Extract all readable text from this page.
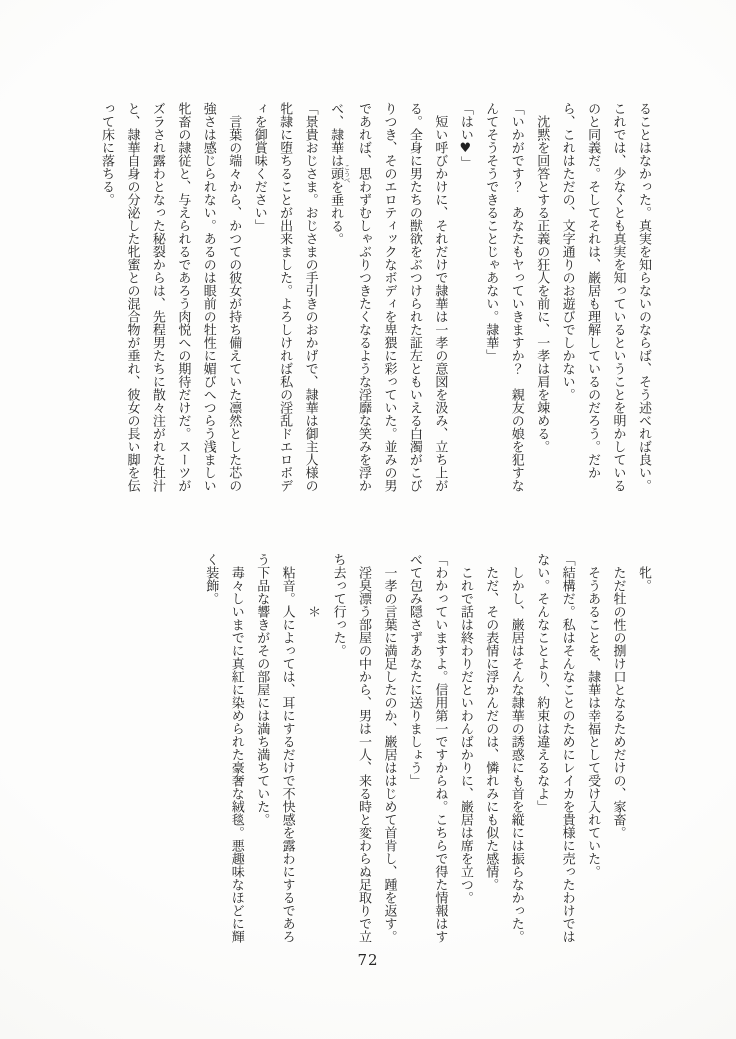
ることはなかった。真実を知らないのならば、そう述べれば良い。

これでは、少なくとも真実を知っているということを明かしている

のと同義だ。そしてそれは、巌居も理解しているのだろう。だか

ら、これはただの、文字通りのお遊びでしかない。

　沈黙を回答とする正義の狂人を前に、一孝は肩を竦める。

「いかがです？　あなたもヤっていきますか？　親友の娘を犯すな

んてそうそうできることじゃあない。隷華」

「はい♥」

　短い呼びかけに、それだけで隷華は一孝の意図を汲み、立ち上が

る。全身に男たちの獣欲をぶつけられた証左ともいえる白濁がこび

りつき、そのエロティックなボディを卑猥に彩っていた。並みの男

であれば、思わずむしゃぶりつきたくなるような淫靡な笑みを浮か

べ、隷華は頭 こうべを垂れる。

「景貴おじさま。おじさまの手引きのおかげで、隷華は御主人様の

牝隷に堕ちることが出来ました。よろしければ私の淫乱ドエロボデ

ィを御賞味ください」

　言葉の端々から、かつての彼女が持ち備えていた凛然とした芯の

強さは感じられない。あるのは眼前の牡性に媚びへつらう浅ましい

牝畜の隷従と、与えられるであろう肉悦への期待だけだ。スーツが

ズラされ露わとなった秘裂からは、先程男たちに散々注がれた牡汁

と、隷華自身の分泌した牝蜜との混合物が垂れ、彼女の長い脚を伝

って床に落ちる。

　牝。

　ただ牡の性の捌け口となるためだけの、家畜。

　そうあることを、隷華は幸福として受け入れていた。

「結構だ。私はそんなことのためにレイカを貴様に売ったわけでは

ない。そんなことより、約束は違えるなよ」

　しかし、巌居はそんな隷華の誘惑にも首を縦には振らなかった。

　ただ、その表情に浮かんだのは、憐れみにも似た感情。

　これで話は終わりだといわんばかりに、巌居は席を立つ。

「わかっていますよ。信用第一ですからね。こちらで得た情報はす

べて包み隠さずあなたに送りましょう」

　一孝の言葉に満足したのか、巌居ははじめて首肯し、踵を返す。

　淫臭漂う部屋の中から、男は一人、来る時と変わらぬ足取りで立

ち去って行った。

　　　　＊

　粘音。人によっては、耳にするだけで不快感を露わにするであろ

う下品な響きがその部屋には満ち満ちていた。

　毒々しいまでに真紅に染められた豪奢な絨毯。悪趣味なほどに輝

く装飾。

72
